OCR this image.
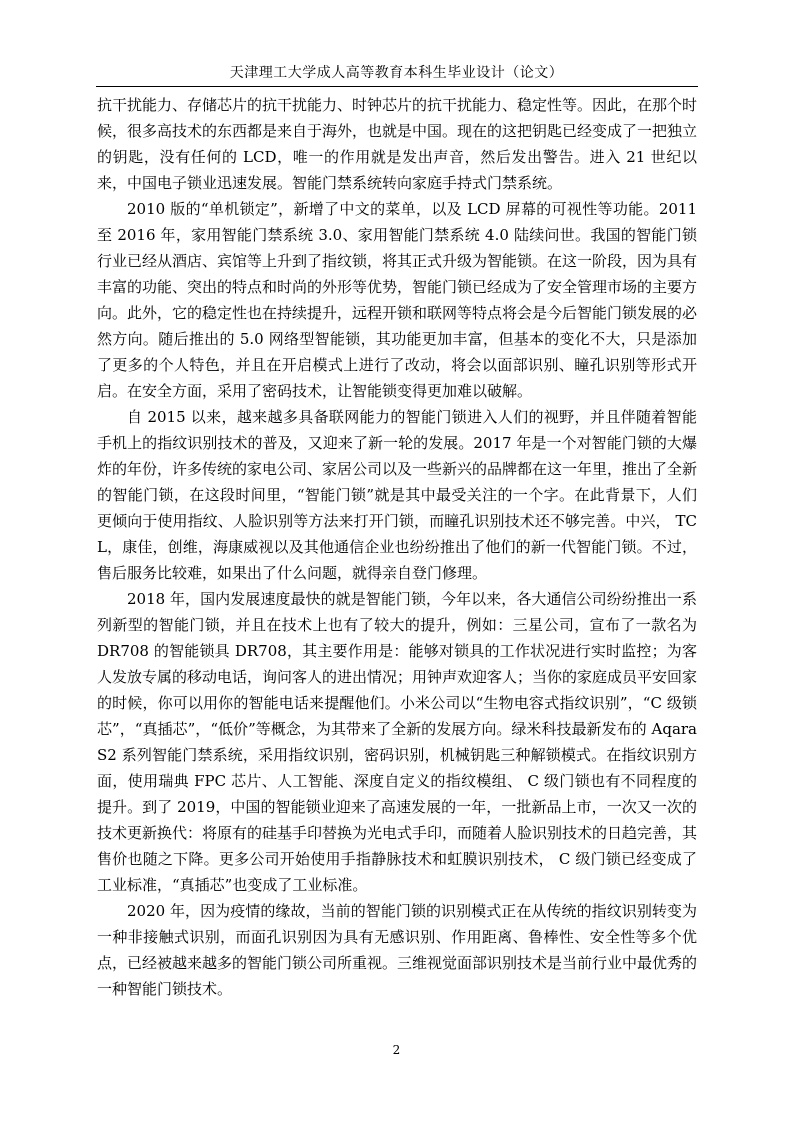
天津理工大学成人高等教育本科生毕业设计（论文）

抗干扰能力、存储芯片的抗干扰能力、时钟芯片的抗干扰能力、稳定性等。因此，在那个时候，很多高技术的东西都是来自于海外，也就是中国。现在的这把钥匙已经变成了一把独立的钥匙，没有任何的 LCD，唯一的作用就是发出声音，然后发出警告。进入 21 世纪以来，中国电子锁业迅速发展。智能门禁系统转向家庭手持式门禁系统。

2010 版的“单机锁定”，新增了中文的菜单，以及 LCD 屏幕的可视性等功能。2011 至 2016 年，家用智能门禁系统 3.0、家用智能门禁系统 4.0 陆续问世。我国的智能门锁行业已经从酒店、宾馆等上升到了指纹锁，将其正式升级为智能锁。在这一阶段，因为具有丰富的功能、突出的特点和时尚的外形等优势，智能门锁已经成为了安全管理市场的主要方向。此外，它的稳定性也在持续提升，远程开锁和联网等特点将会是今后智能门锁发展的必然方向。随后推出的 5.0 网络型智能锁，其功能更加丰富，但基本的变化不大，只是添加了更多的个人特色，并且在开启模式上进行了改动，将会以面部识别、瞳孔识别等形式开启。在安全方面，采用了密码技术，让智能锁变得更加难以破解。

自 2015 以来，越来越多具备联网能力的智能门锁进入人们的视野，并且伴随着智能手机上的指纹识别技术的普及，又迎来了新一轮的发展。2017 年是一个对智能门锁的大爆炸的年份，许多传统的家电公司、家居公司以及一些新兴的品牌都在这一年里，推出了全新的智能门锁，在这段时间里，“智能门锁”就是其中最受关注的一个字。在此背景下，人们更倾向于使用指纹、人脸识别等方法来打开门锁，而瞳孔识别技术还不够完善。中兴， TCL，康佳，创维，海康威视以及其他通信企业也纷纷推出了他们的新一代智能门锁。不过，售后服务比较难，如果出了什么问题，就得亲自登门修理。

2018 年，国内发展速度最快的就是智能门锁，今年以来，各大通信公司纷纷推出一系列新型的智能门锁，并且在技术上也有了较大的提升，例如：三星公司，宣布了一款名为 DR708 的智能锁具 DR708，其主要作用是：能够对锁具的工作状况进行实时监控；为客人发放专属的移动电话，询问客人的进出情况；用钟声欢迎客人；当你的家庭成员平安回家的时候，你可以用你的智能电话来提醒他们。小米公司以“生物电容式指纹识别”，“C 级锁芯”，“真插芯”，“低价”等概念，为其带来了全新的发展方向。绿米科技最新发布的 AqaraS2 系列智能门禁系统，采用指纹识别，密码识别，机械钥匙三种解锁模式。在指纹识别方面，使用瑞典 FPC 芯片、人工智能、深度自定义的指纹模组、 C 级门锁也有不同程度的提升。到了 2019，中国的智能锁业迎来了高速发展的一年，一批新品上市，一次又一次的技术更新换代：将原有的硅基手印替换为光电式手印，而随着人脸识别技术的日趋完善，其售价也随之下降。更多公司开始使用手指静脉技术和虹膜识别技术， C 级门锁已经变成了工业标准，“真插芯”也变成了工业标准。

2020 年，因为疫情的缘故，当前的智能门锁的识别模式正在从传统的指纹识别转变为一种非接触式识别，而面孔识别因为具有无感识别、作用距离、鲁棒性、安全性等多个优点，已经被越来越多的智能门锁公司所重视。三维视觉面部识别技术是当前行业中最优秀的一种智能门锁技术。

2
